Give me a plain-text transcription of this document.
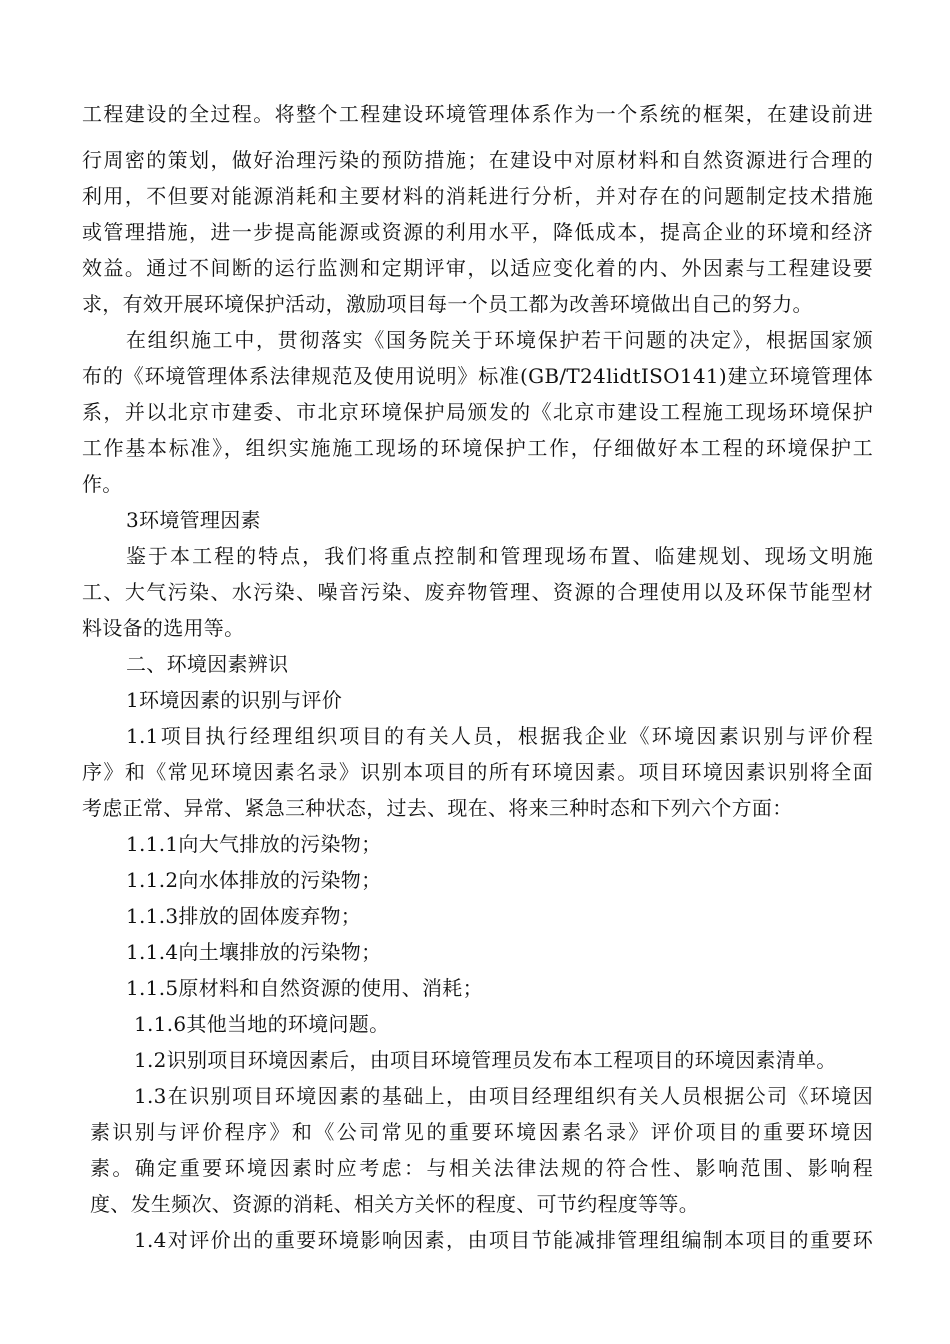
工程建设的全过程。将整个工程建设环境管理体系作为一个系统的框架，在建设前进
行周密的策划，做好治理污染的预防措施；在建设中对原材料和自然资源进行合理的
利用，不但要对能源消耗和主要材料的消耗进行分析，并对存在的问题制定技术措施
或管理措施，进一步提高能源或资源的利用水平，降低成本，提高企业的环境和经济
效益。通过不间断的运行监测和定期评审，以适应变化着的内、外因素与工程建设要
求，有效开展环境保护活动，激励项目每一个员工都为改善环境做出自己的努力。
在组织施工中，贯彻落实《国务院关于环境保护若干问题的决定》，根据国家颁
布的《环境管理体系法律规范及使用说明》标准(GB/T24lidtISO141)建立环境管理体
系，并以北京市建委、市北京环境保护局颁发的《北京市建设工程施工现场环境保护
工作基本标准》，组织实施施工现场的环境保护工作，仔细做好本工程的环境保护工
作。
3环境管理因素
鉴于本工程的特点，我们将重点控制和管理现场布置、临建规划、现场文明施
工、大气污染、水污染、噪音污染、废弃物管理、资源的合理使用以及环保节能型材
料设备的选用等。
二、环境因素辨识
1环境因素的识别与评价
1.1项目执行经理组织项目的有关人员，根据我企业《环境因素识别与评价程
序》和《常见环境因素名录》识别本项目的所有环境因素。项目环境因素识别将全面
考虑正常、异常、紧急三种状态，过去、现在、将来三种时态和下列六个方面：
1.1.1向大气排放的污染物；
1.1.2向水体排放的污染物；
1.1.3排放的固体废弃物；
1.1.4向土壤排放的污染物；
1.1.5原材料和自然资源的使用、消耗；
1.1.6其他当地的环境问题。
1.2识别项目环境因素后，由项目环境管理员发布本工程项目的环境因素清单。
1.3在识别项目环境因素的基础上，由项目经理组织有关人员根据公司《环境因
素识别与评价程序》和《公司常见的重要环境因素名录》评价项目的重要环境因
素。确定重要环境因素时应考虑：与相关法律法规的符合性、影响范围、影响程
度、发生频次、资源的消耗、相关方关怀的程度、可节约程度等等。
1.4对评价出的重要环境影响因素，由项目节能减排管理组编制本项目的重要环
